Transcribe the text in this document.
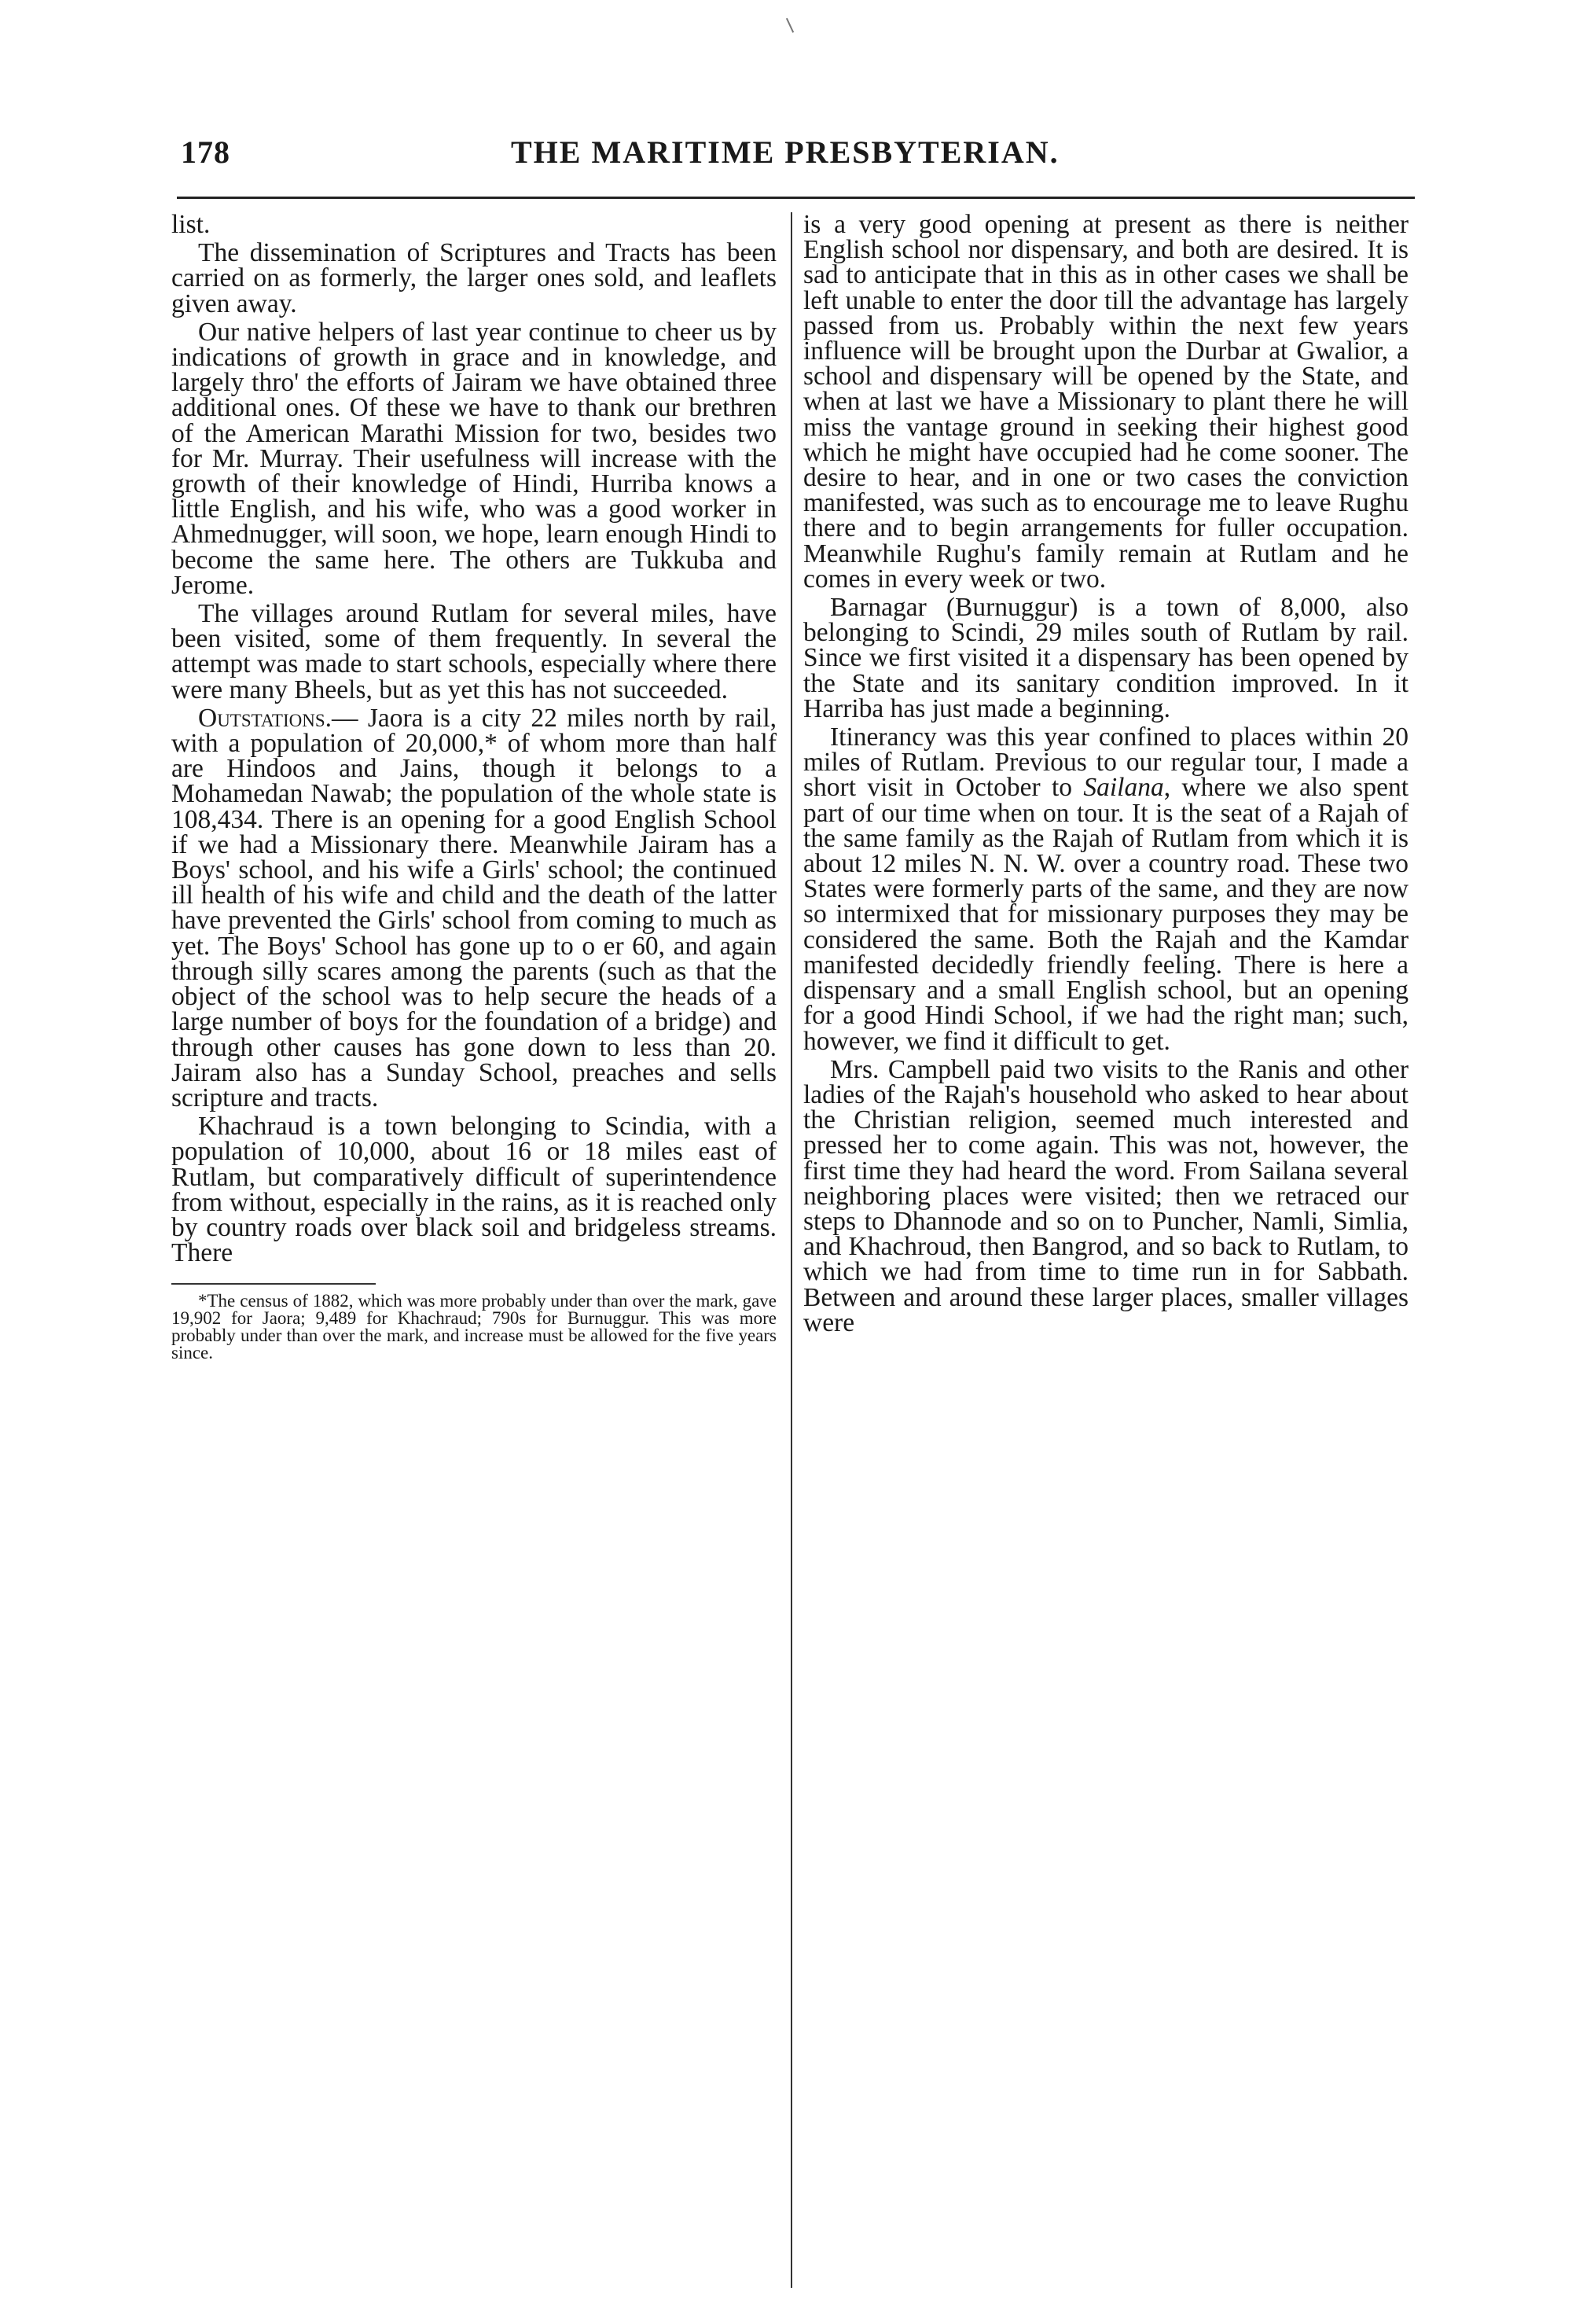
178	THE MARITIME PRESBYTERIAN.

list.

The dissemination of Scriptures and Tracts has been carried on as formerly, the larger ones sold, and leaflets given away.

Our native helpers of last year continue to cheer us by indications of growth in grace and in knowledge, and largely thro' the efforts of Jairam we have obtained three additional ones. Of these we have to thank our brethren of the American Marathi Mission for two, besides two for Mr. Murray. Their usefulness will increase with the growth of their knowledge of Hindi, Hurriba knows a little English, and his wife, who was a good worker in Ahmednugger, will soon, we hope, learn enough Hindi to become the same here. The others are Tukkuba and Jerome.

The villages around Rutlam for several miles, have been visited, some of them frequently. In several the attempt was made to start schools, especially where there were many Bheels, but as yet this has not succeeded.

Outstations.— Jaora is a city 22 miles north by rail, with a population of 20,000,* of whom more than half are Hindoos and Jains, though it belongs to a Mohamedan Nawab; the population of the whole state is 108,434. There is an opening for a good English School if we had a Missionary there. Meanwhile Jairam has a Boys' school, and his wife a Girls' school; the continued ill health of his wife and child and the death of the latter have prevented the Girls' school from coming to much as yet. The Boys' School has gone up to o er 60, and again through silly scares among the parents (such as that the object of the school was to help secure the heads of a large number of boys for the foundation of a bridge) and through other causes has gone down to less than 20. Jairam also has a Sunday School, preaches and sells scripture and tracts.

Khachraud is a town belonging to Scindia, with a population of 10,000, about 16 or 18 miles east of Rutlam, but comparatively difficult of superintendence from without, especially in the rains, as it is reached only by country roads over black soil and bridgeless streams. There

*The census of 1882, which was more probably under than over the mark, gave 19,902 for Jaora; 9,489 for Khachraud; 790s for Burnuggur. This was more probably under than over the mark, and increase must be allowed for the five years since.

is a very good opening at present as there is neither English school nor dispensary, and both are desired. It is sad to anticipate that in this as in other cases we shall be left unable to enter the door till the advantage has largely passed from us. Probably within the next few years influence will be brought upon the Durbar at Gwalior, a school and dispensary will be opened by the State, and when at last we have a Missionary to plant there he will miss the vantage ground in seeking their highest good which he might have occupied had he come sooner. The desire to hear, and in one or two cases the conviction manifested, was such as to encourage me to leave Rughu there and to begin arrangements for fuller occupation. Meanwhile Rughu's family remain at Rutlam and he comes in every week or two.

Barnagar (Burnuggur) is a town of 8,000, also belonging to Scindi, 29 miles south of Rutlam by rail. Since we first visited it a dispensary has been opened by the State and its sanitary condition improved. In it Harriba has just made a beginning.

Itinerancy was this year confined to places within 20 miles of Rutlam. Previous to our regular tour, I made a short visit in October to Sailana, where we also spent part of our time when on tour. It is the seat of a Rajah of the same family as the Rajah of Rutlam from which it is about 12 miles N. N. W. over a country road. These two States were formerly parts of the same, and they are now so intermixed that for missionary purposes they may be considered the same. Both the Rajah and the Kamdar manifested decidedly friendly feeling. There is here a dispensary and a small English school, but an opening for a good Hindi School, if we had the right man; such, however, we find it difficult to get.

Mrs. Campbell paid two visits to the Ranis and other ladies of the Rajah's household who asked to hear about the Christian religion, seemed much interested and pressed her to come again. This was not, however, the first time they had heard the word. From Sailana several neighboring places were visited; then we retraced our steps to Dhannode and so on to Puncher, Namli, Simlia, and Khachroud, then Bangrod, and so back to Rutlam, to which we had from time to time run in for Sabbath. Between and around these larger places, smaller villages were
